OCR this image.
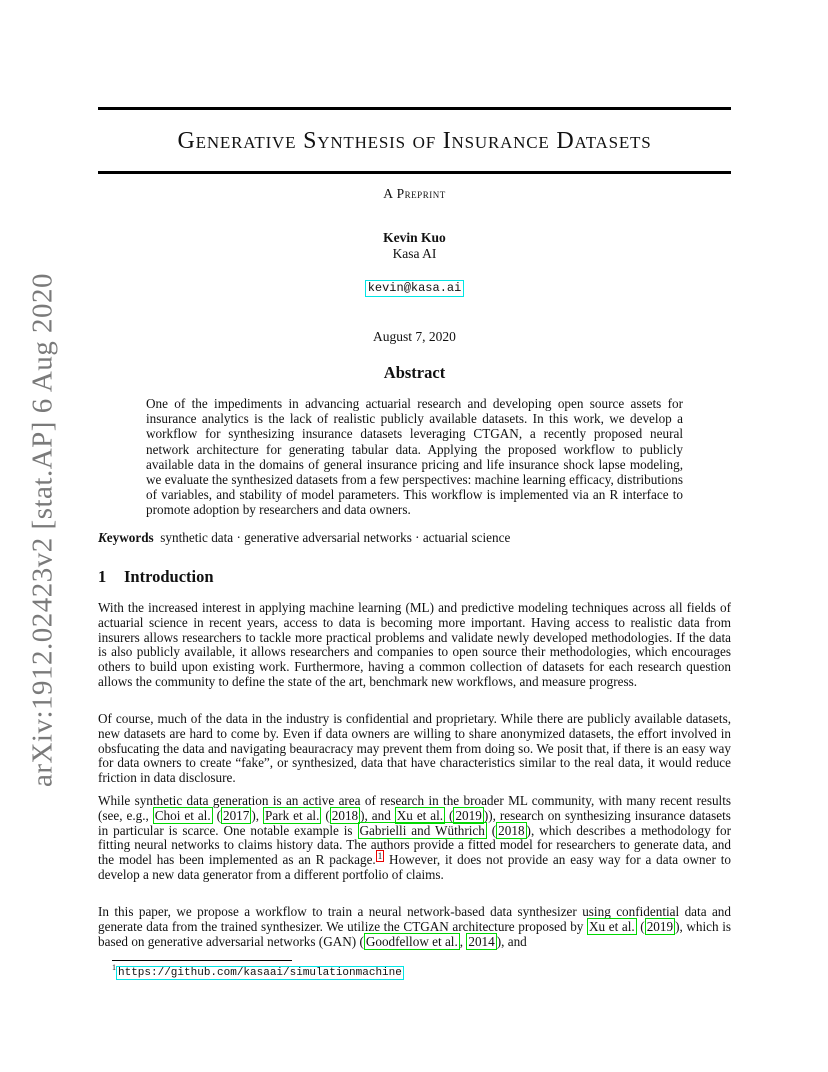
arXiv:1912.02423v2 [stat.AP] 6 Aug 2020
Generative Synthesis of Insurance Datasets
A Preprint
Kevin Kuo
Kasa AI
kevin@kasa.ai
August 7, 2020
Abstract
One of the impediments in advancing actuarial research and developing open source assets for insurance analytics is the lack of realistic publicly available datasets. In this work, we develop a workflow for synthesizing insurance datasets leveraging CTGAN, a recently proposed neural network architecture for generating tabular data. Applying the proposed workflow to publicly available data in the domains of general insurance pricing and life insurance shock lapse modeling, we evaluate the synthesized datasets from a few perspectives: machine learning efficacy, distributions of variables, and stability of model parameters. This workflow is implemented via an R interface to promote adoption by researchers and data owners.
Keywords synthetic data · generative adversarial networks · actuarial science
1 Introduction
With the increased interest in applying machine learning (ML) and predictive modeling techniques across all fields of actuarial science in recent years, access to data is becoming more important. Having access to realistic data from insurers allows researchers to tackle more practical problems and validate newly developed methodologies. If the data is also publicly available, it allows researchers and companies to open source their methodologies, which encourages others to build upon existing work. Furthermore, having a common collection of datasets for each research question allows the community to define the state of the art, benchmark new workflows, and measure progress.
Of course, much of the data in the industry is confidential and proprietary. While there are publicly available datasets, new datasets are hard to come by. Even if data owners are willing to share anonymized datasets, the effort involved in obsfucating the data and navigating beauracracy may prevent them from doing so. We posit that, if there is an easy way for data owners to create “fake”, or synthesized, data that have characteristics similar to the real data, it would reduce friction in data disclosure.
While synthetic data generation is an active area of research in the broader ML community, with many recent results (see, e.g., Choi et al. ( 2017 ), Park et al. ( 2018 ), and Xu et al. ( 2019 )), research on synthesizing insurance datasets in particular is scarce. One notable example is Gabrielli and Wüthrich ( 2018 ), which describes a methodology for fitting neural networks to claims history data. The authors provide a fitted model for researchers to generate data, and the model has been implemented as an R package. $^1$ However, it does not provide an easy way for a data owner to develop a new data generator from a different portfolio of claims.
In this paper, we propose a workflow to train a neural network-based data synthesizer using confidential data and generate data from the trained synthesizer. We utilize the CTGAN architecture proposed by Xu et al. ( 2019 ), which is based on generative adversarial networks (GAN) ( Goodfellow et al. , 2014 ), and
$^1$ https://github.com/kasaai/simulationmachine
